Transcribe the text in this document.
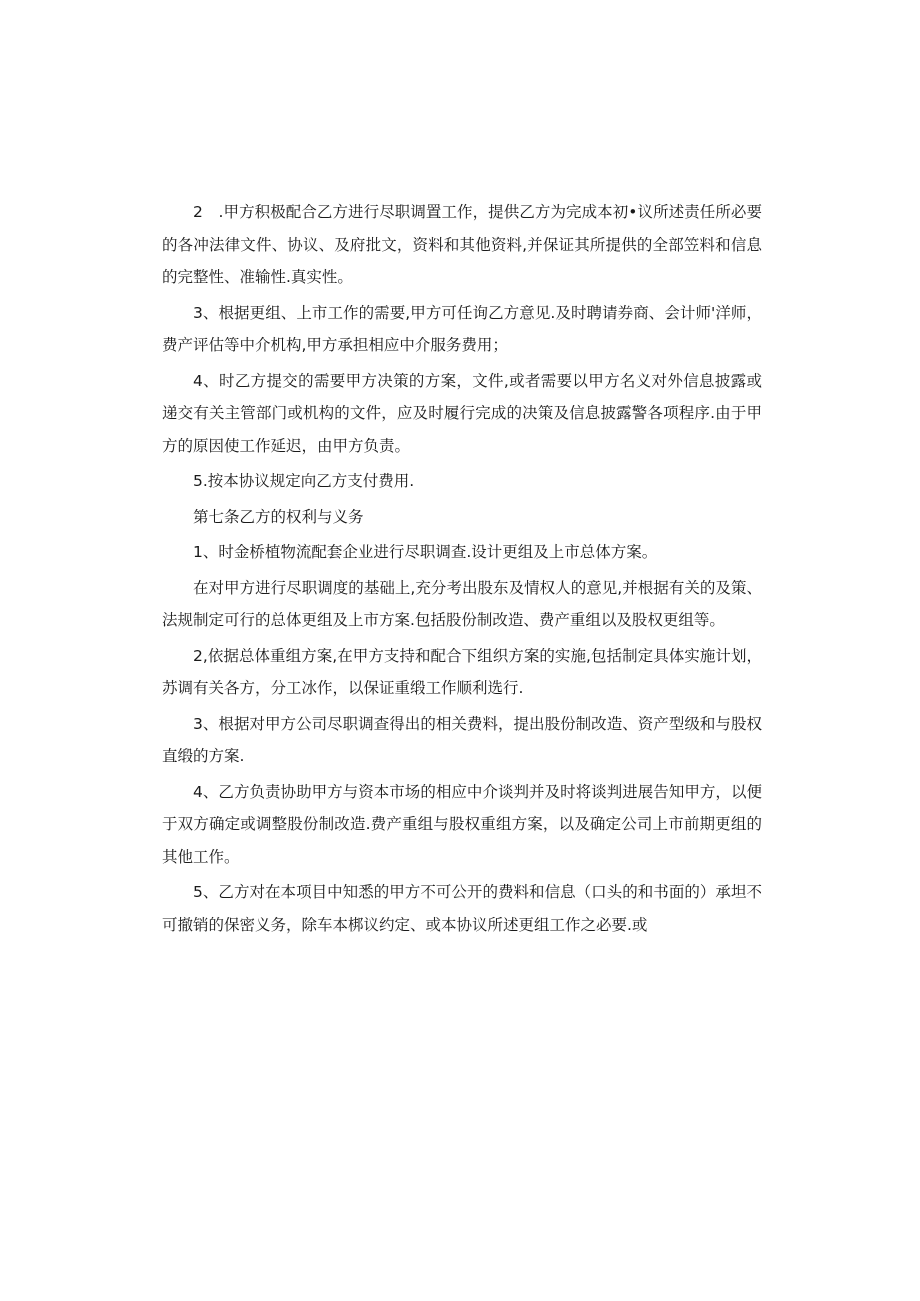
2　.甲方积极配合乙方进行尽职调置工作，提供乙方为完成本初•议所述责任所必要的各冲法律文件、协议、及府批文，资料和其他资料,并保证其所提供的全部笠料和信息的完整性、准输性.真实性。

3、根据更组、上市工作的需要,甲方可任询乙方意见.及时聘请券商、会计师'洋师，费产评估等中介机构,甲方承担相应中介服务费用；

4、时乙方提交的需要甲方决策的方案，文件,或者需要以甲方名义对外信息披露或递交有关主管部门或机构的文件，应及时履行完成的决策及信息披露警各项程序.由于甲方的原因使工作延迟，由甲方负责。

5.按本协议规定向乙方支付费用.

第七条乙方的权利与义务

1、时金桥植物流配套企业进行尽职调查.设计更组及上市总体方案。

在对甲方进行尽职调度的基础上,充分考出股东及情权人的意见,并根据有关的及策、法规制定可行的总体更组及上市方案.包括股份制改造、费产重组以及股权更组等。

2,依据总体重组方案,在甲方支持和配合下组织方案的实施,包括制定具体实施计划，苏调有关各方，分工冰作，以保证重缎工作顺利选行.

3、根据对甲方公司尽职调查得出的相关费料，提出股份制改造、资产型级和与股权直缎的方案.

4、乙方负责协助甲方与资本市场的相应中介谈判并及时将谈判进展告知甲方，以便于双方确定或调整股份制改造.费产重组与股权重组方案，以及确定公司上市前期更组的其他工作。

5、乙方对在本项目中知悉的甲方不可公开的费料和信息（口头的和书面的）承坦不可撤销的保密义务，除车本梆议约定、或本协议所述更组工作之必要.或
